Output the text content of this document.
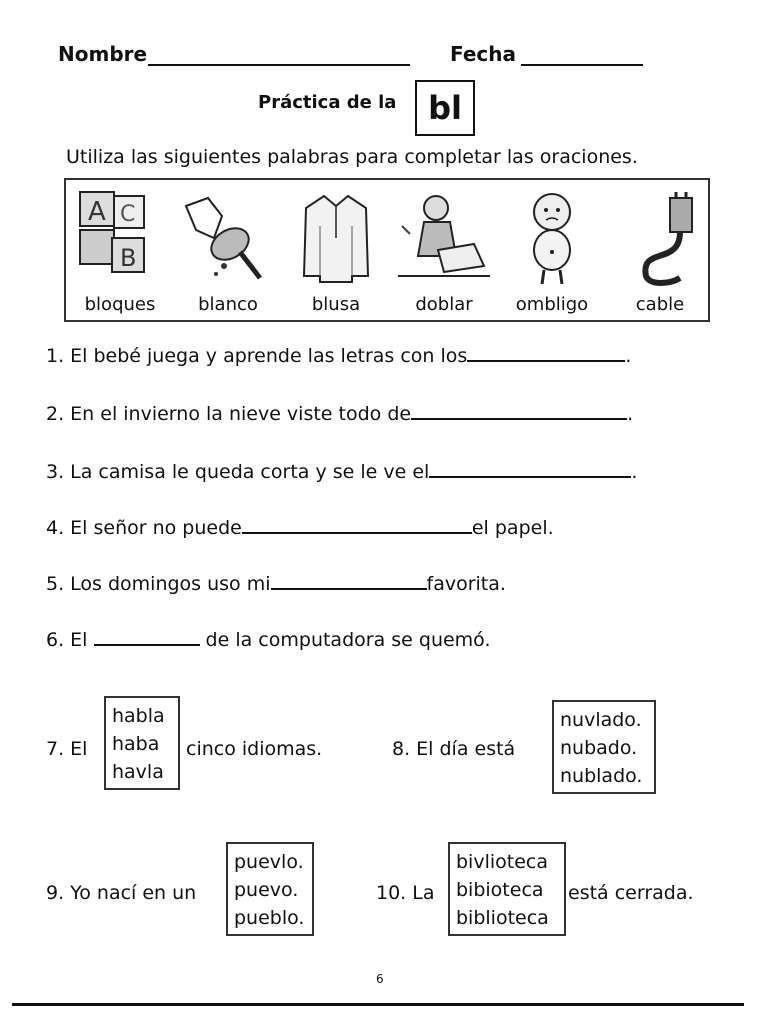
Nombre	Fecha
Práctica de la bl
Utiliza las siguientes palabras para completar las oraciones.
A C
B
bloques	blanco	blusa	doblar	ombligo	cable
1. El bebé juega y aprende las letras con los	.
2. En el invierno la nieve viste todo de	.
3. La camisa le queda corta y se le ve el	.
4. El señor no puede	el papel.
5. Los domingos uso mi	favorita.
6. El	de la computadora se quemó.
7. El
habla
haba
havla
cinco idiomas.	8. El día está
nuvlado.
nubado.
nublado.
9. Yo nací en un
puevlo.
puevo.
pueblo.
10. La
bivlioteca
bibioteca
biblioteca
está cerrada.
6
